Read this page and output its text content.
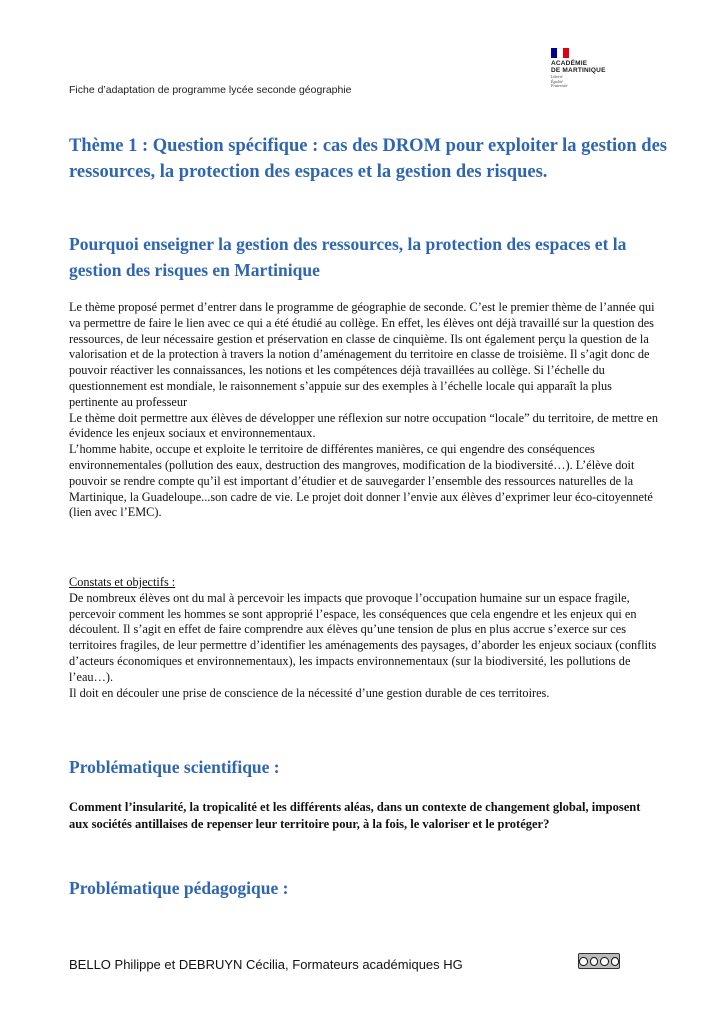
Fiche d’adaptation de programme lycée seconde géographie
ACADÉMIE
DE MARTINIQUE
Liberté
Égalité
Fraternité
Thème 1 : Question spécifique : cas des DROM pour exploiter la gestion des ressources, la protection des espaces et la gestion des risques.
Pourquoi enseigner la gestion des ressources, la protection des espaces et la gestion des risques en Martinique

Le thème proposé permet d’entrer dans le programme de géographie de seconde. C’est le premier thème de l’année qui va permettre de faire le lien avec ce qui a été étudié au collège. En effet, les élèves ont déjà travaillé sur la question des ressources, de leur nécessaire gestion et préservation en classe de cinquième. Ils ont également perçu la question de la valorisation et de la protection à travers la notion d’aménagement du territoire en classe de troisième. Il s’agit donc de pouvoir réactiver les connaissances, les notions et les compétences déjà travaillées au collège. Si l’échelle du questionnement est mondiale, le raisonnement s’appuie sur des exemples à l’échelle locale qui apparaît la plus pertinente au professeur

Le thème doit permettre aux élèves de développer une réflexion sur notre occupation “locale” du territoire, de mettre en évidence les enjeux sociaux et environnementaux.

L’homme habite, occupe et exploite le territoire de différentes manières, ce qui engendre des conséquences environnementales (pollution des eaux, destruction des mangroves, modification de la biodiversité…). L’élève doit pouvoir se rendre compte qu’il est important d’étudier et de sauvegarder l’ensemble des ressources naturelles de la Martinique, la Guadeloupe...son cadre de vie. Le projet doit donner l’envie aux élèves d’exprimer leur éco-citoyenneté (lien avec l’EMC).

Constats et objectifs :

De nombreux élèves ont du mal à percevoir les impacts que provoque l’occupation humaine sur un espace fragile, percevoir comment les hommes se sont approprié l’espace, les conséquences que cela engendre et les enjeux qui en découlent. Il s’agit en effet de faire comprendre aux élèves qu’une tension de plus en plus accrue s’exerce sur ces territoires fragiles, de leur permettre d’identifier les aménagements des paysages, d’aborder les enjeux sociaux (conflits d’acteurs économiques et environnementaux), les impacts environnementaux (sur la biodiversité, les pollutions de l’eau…).

Il doit en découler une prise de conscience de la nécessité d’une gestion durable de ces territoires.

Problématique scientifique :

Comment l’insularité, la tropicalité et les différents aléas, dans un contexte de changement global, imposent aux sociétés antillaises de repenser leur territoire pour, à la fois, le valoriser et le protéger?

Problématique pédagogique :
BELLO Philippe et DEBRUYN Cécilia, Formateurs académiques HG
